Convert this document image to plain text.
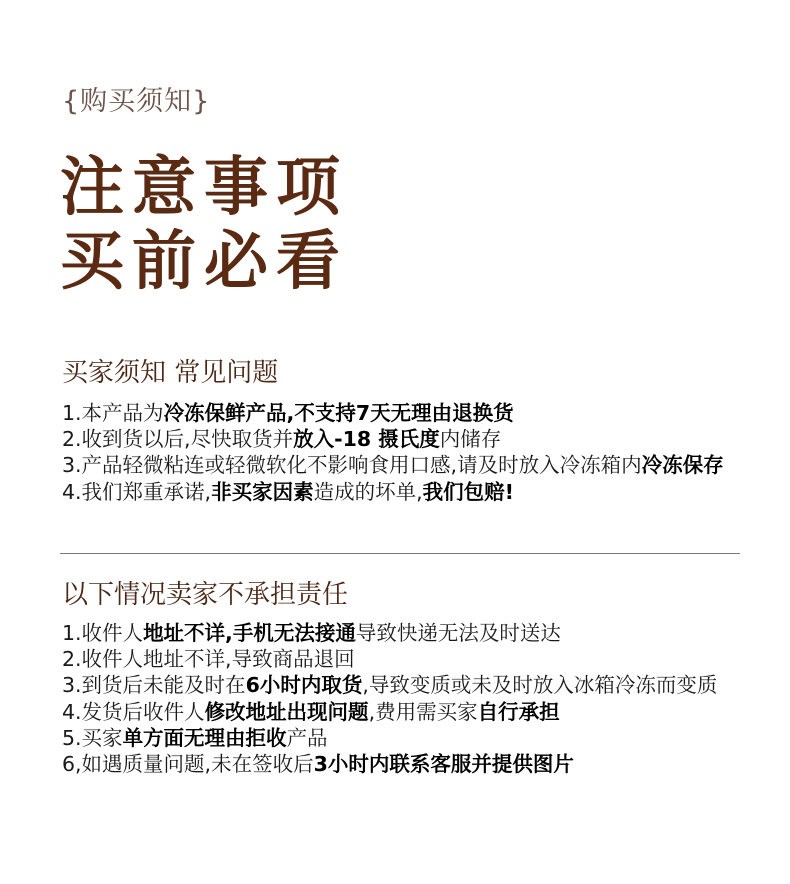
{购买须知}
注意事项
买前必看
买家须知 常见问题
1.本产品为冷冻保鲜产品,不支持7天无理由退换货
2.收到货以后,尽快取货并放入-18 摄氏度内储存
3.产品轻微粘连或轻微软化不影响食用口感,请及时放入冷冻箱内冷冻保存
4.我们郑重承诺,非买家因素造成的坏单,我们包赔!
以下情况卖家不承担责任
1.收件人地址不详,手机无法接通导致快递无法及时送达
2.收件人地址不详,导致商品退回
3.到货后未能及时在6小时内取货,导致变质或未及时放入冰箱冷冻而变质
4.发货后收件人修改地址出现问题,费用需买家自行承担
5.买家单方面无理由拒收产品
6,如遇质量问题,未在签收后3小时内联系客服并提供图片
